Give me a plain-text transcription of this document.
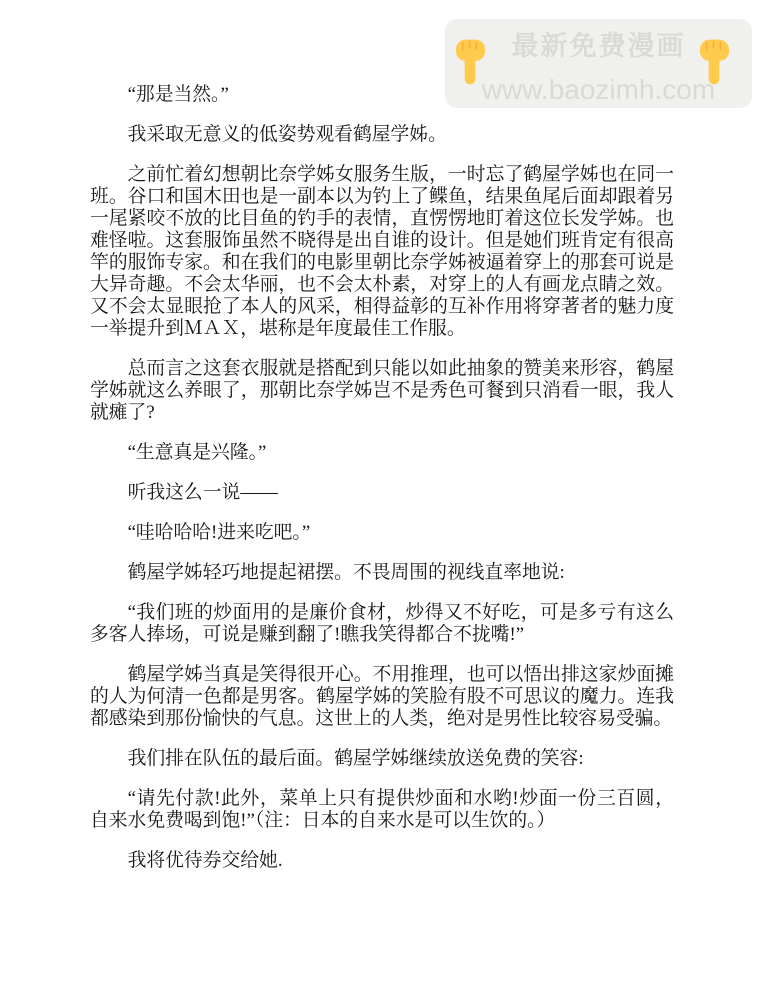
最新免费漫画
www.baozimh.com

“那是当然。”

我采取无意义的低姿势观看鹤屋学姊。

之前忙着幻想朝比奈学姊女服务生版，一时忘了鹤屋学姊也在同一班。谷口和国木田也是一副本以为钓上了鲽鱼，结果鱼尾后面却跟着另一尾紧咬不放的比目鱼的钓手的表情，直愣愣地盯着这位长发学姊。也难怪啦。这套服饰虽然不晓得是出自谁的设计。但是她们班肯定有很高竿的服饰专家。和在我们的电影里朝比奈学姊被逼着穿上的那套可说是大异奇趣。不会太华丽，也不会太朴素，对穿上的人有画龙点睛之效。又不会太显眼抢了本人的风采，相得益彰的互补作用将穿著者的魅力度一举提升到ＭＡＸ，堪称是年度最佳工作服。

总而言之这套衣服就是搭配到只能以如此抽象的赞美来形容，鹤屋学姊就这么养眼了，那朝比奈学姊岂不是秀色可餐到只消看一眼，我人就瘫了?

“生意真是兴隆。”

听我这么一说——

“哇哈哈哈!进来吃吧。”

鹤屋学姊轻巧地提起裙摆。不畏周围的视线直率地说:

“我们班的炒面用的是廉价食材，炒得又不好吃，可是多亏有这么多客人捧场，可说是赚到翻了!瞧我笑得都合不拢嘴!”

鹤屋学姊当真是笑得很开心。不用推理，也可以悟出排这家炒面摊的人为何清一色都是男客。鹤屋学姊的笑脸有股不可思议的魔力。连我都感染到那份愉快的气息。这世上的人类，绝对是男性比较容易受骗。

我们排在队伍的最后面。鹤屋学姊继续放送免费的笑容:

“请先付款!此外，菜单上只有提供炒面和水哟!炒面一份三百圆，自来水免费喝到饱!”（注：日本的自来水是可以生饮的。）

我将优待券交给她.
